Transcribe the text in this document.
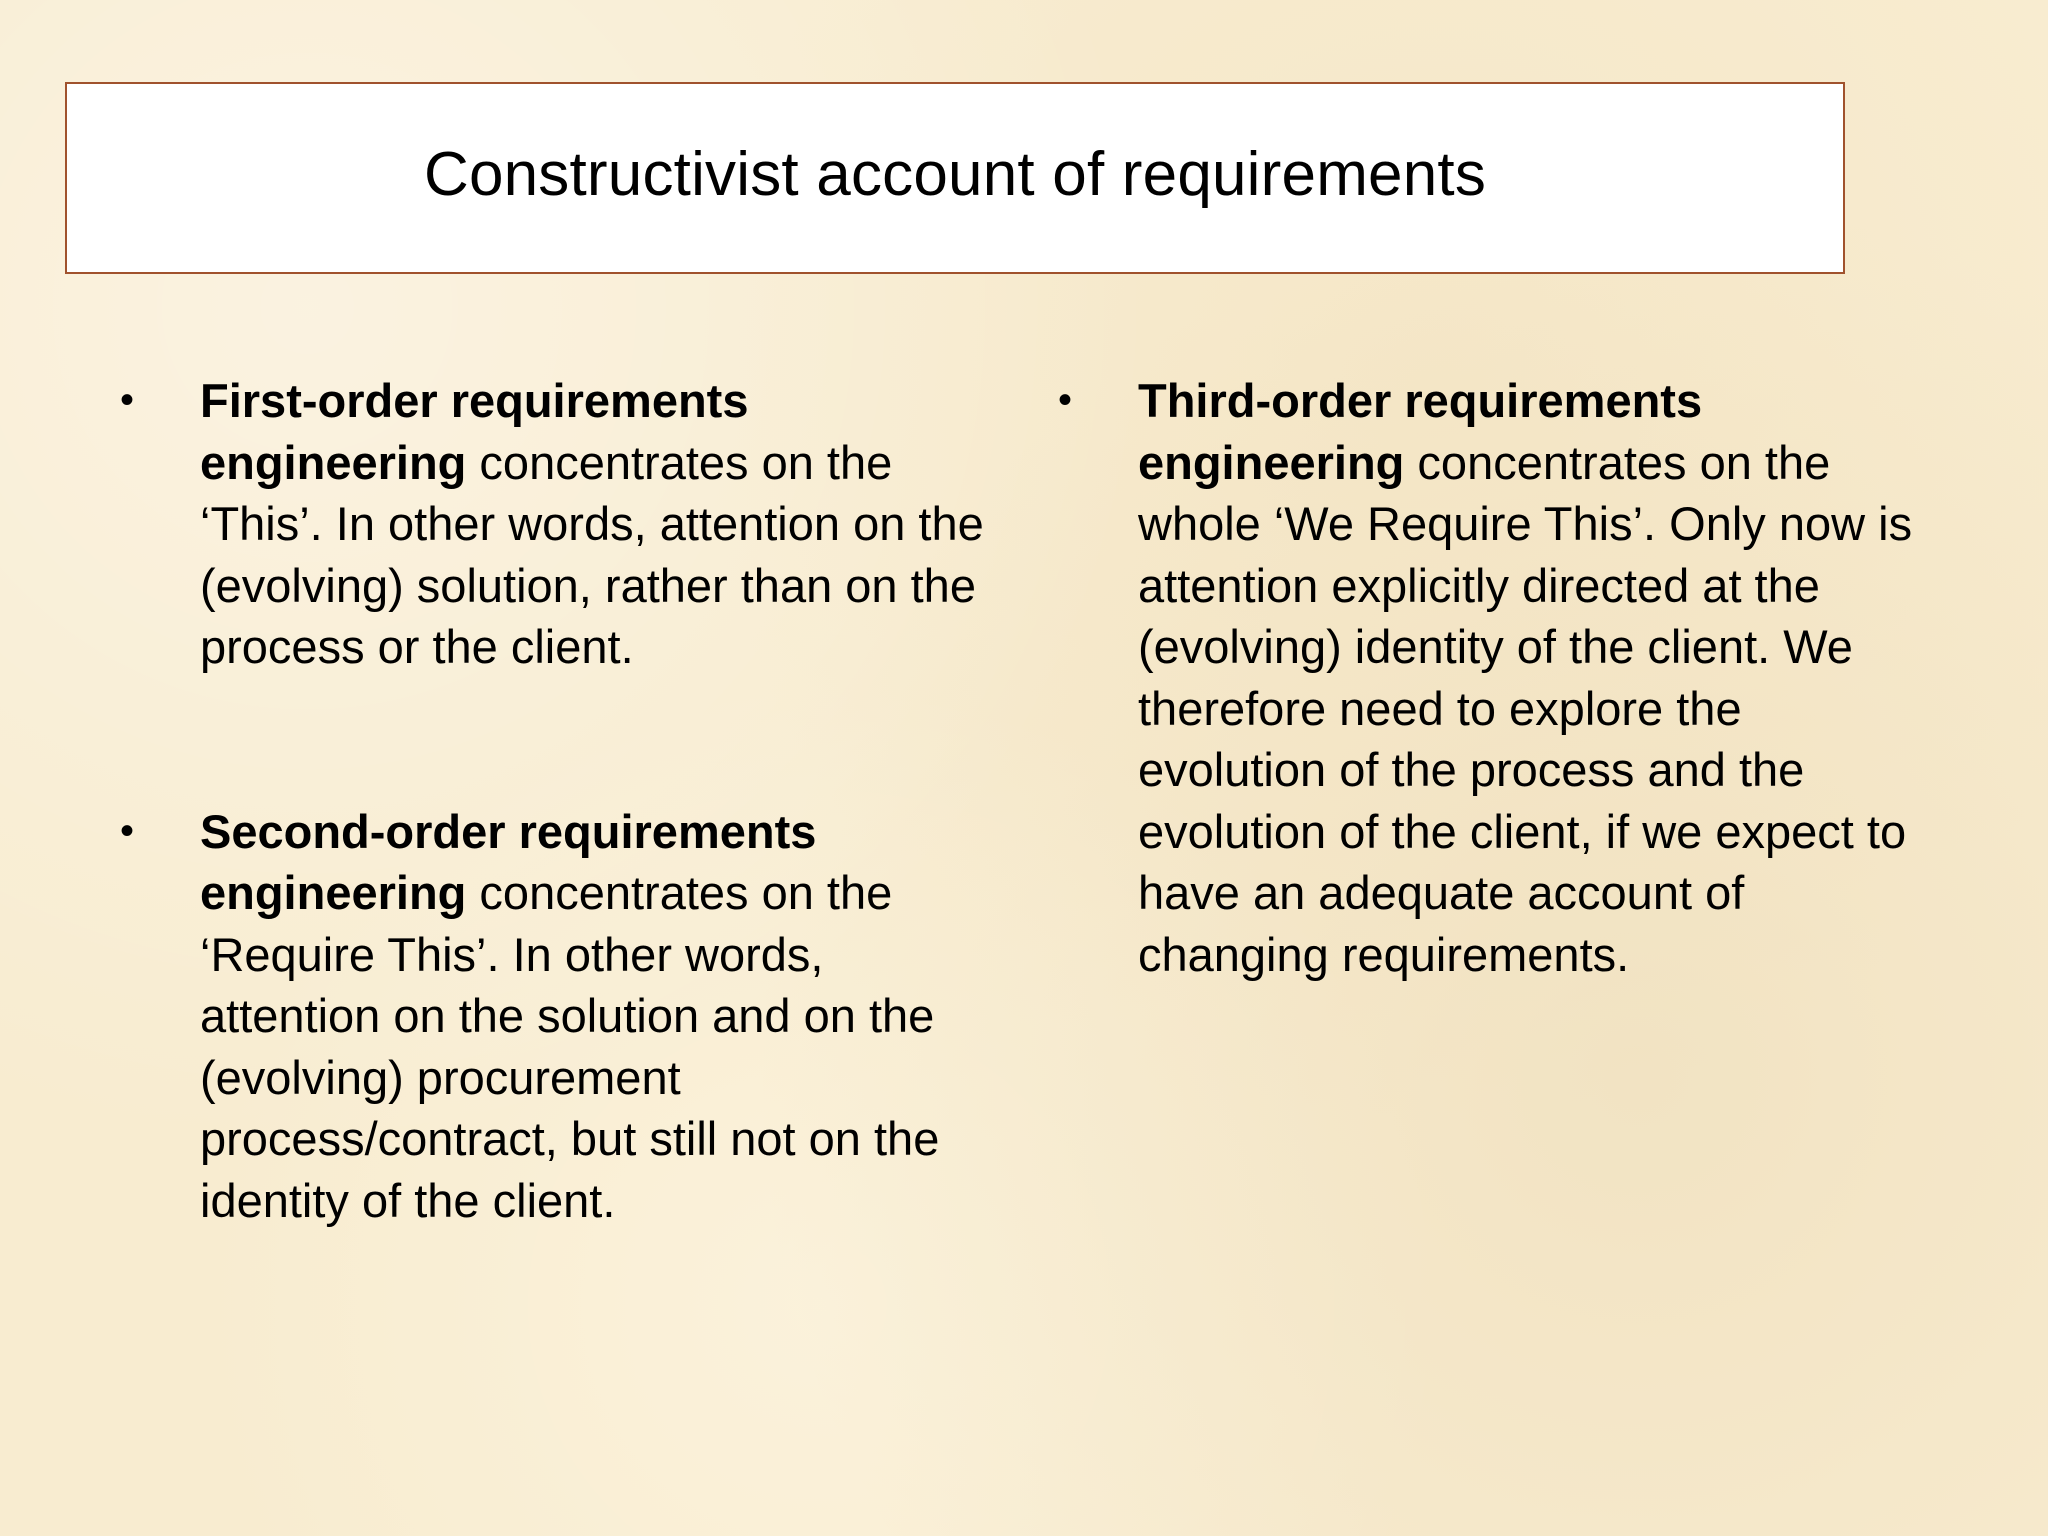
Constructivist account of requirements
• First-order requirements engineering concentrates on the ‘This’. In other words, attention on the (evolving) solution, rather than on the process or the client.
• Second-order requirements engineering concentrates on the ‘Require This’. In other words, attention on the solution and on the (evolving) procurement process/contract, but still not on the identity of the client.
• Third-order requirements engineering concentrates on the whole ‘We Require This’. Only now is attention explicitly directed at the (evolving) identity of the client. We therefore need to explore the evolution of the process and the evolution of the client, if we expect to have an adequate account of changing requirements.
